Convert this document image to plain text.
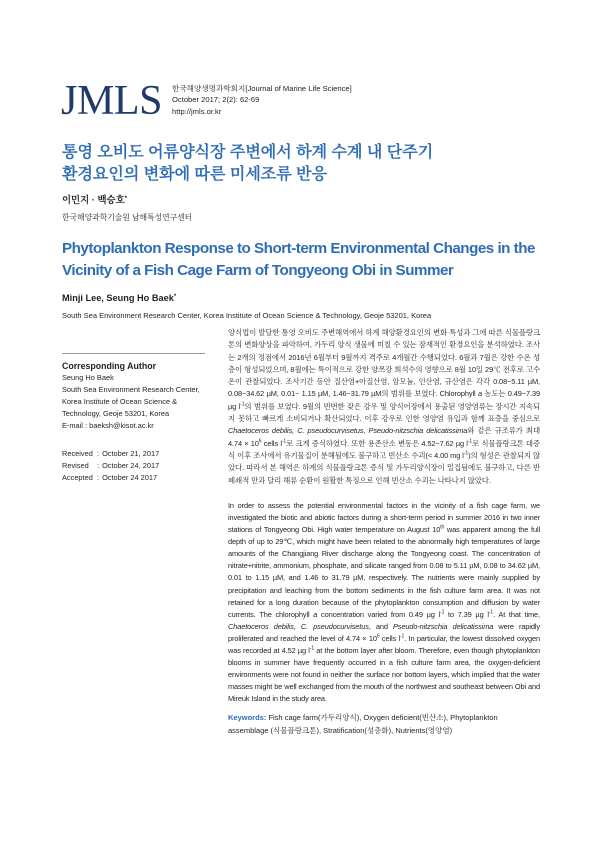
JMLS 한국해양생명과학회지[Journal of Marine Life Science]
October 2017; 2(2): 62-69
http://jmls.or.kr
통영 오비도 어류양식장 주변에서 하계 수계 내 단주기
환경요인의 변화에 따른 미세조류 반응
이민지 · 백승호*
한국해양과학기술원 남해특성연구센터
Phytoplankton Response to Short-term Environmental Changes in the
Vicinity of a Fish Cage Farm of Tongyeong Obi in Summer
Minji Lee, Seung Ho Baek*
South Sea Environment Research Center, Korea Institute of Ocean Science & Technology, Geoje 53201, Korea
Corresponding Author
Seung Ho Baek
South Sea Environment Research Center,
Korea Institute of Ocean Science &
Technology, Geoje 53201, Korea
E-mail : baeksh@kisot.ac.kr
Received : October 21, 2017
Revised : October 24, 2017
Accepted : October 24 2017
양식업이 발달한 통영 오비도 주변해역에서 하계 해양환경요인의 변화 특성과 그에 따른 식물플랑크톤의 변화양상을 파악하여, 가두리 양식 생물에 미칠 수 있는 잠재적인 환경요인을 분석하였다. 조사는 2개의 정점에서 2016년 6월부터 9월까지 격주로 4개월간 수행되었다. 6월과 7월은 강한 수온 성층이 형성되었으며, 8월에는 특이적으로 강한 양쯔강 희석수의 영향으로 8월 10일 29℃ 전후로 고수온이 관찰되었다. 조사기간 동안 질산염+아질산염, 암모늄, 인산염, 규산염은 각각 0.08~5.11 µM, 0.08~34.62 µM, 0.01~ 1.15 µM, 1.46~31.79 µM의 범위를 보였다. Chlorophyll a 농도는 0.49~7.39 µg $l^{-1}$의 범위를 보였다. 9월의 빈번한 잦은 강우 및 양식어장에서 용출된 영양염류는 장시간 지속되지 못하고 빠르게 소비되거나 확산되었다. 이후 강우로 인한 영양염 유입과 함께 표층을 중심으로 Chaetoceros debilis, C. pseudocurvisetus, Pseudo-nitzschia delicatissima와 같은 규조류가 최대 $4.74 \times 10^6$ cells $l^{-1}$로 크게 증식하였다. 또한 용존산소 변동은 4.52~7.62 µg $l^{-1}$로 식물플랑크톤 대증식 이후 조사에서 유기물질이 분해됨에도 불구하고 빈산소 수괴(< 4.00 mg $l^{-1}$)의 형성은 관찰되지 않았다. 따라서 본 해역은 하계의 식물플랑크톤 증식 및 가두리양식장이 밀집됨에도 불구하고, 다른 반폐쇄적 만과 달리 해류 순환이 원활한 특징으로 인해 빈산소 수괴는 나타나지 않았다.
In order to assess the potential environmental factors in the vicinity of a fish cage farm, we investigated the biotic and abiotic factors during a short-term period in summer 2016 in two inner stations of Tongyeong Obi. High water temperature on August 10th was apparent among the full depth of up to 29℃, which might have been related to the abnormally high temperatures of large amounts of the Changjiang River discharge along the Tongyeong coast. The concentration of nitrate+nitrite, ammonium, phosphate, and silicate ranged from 0.08 to 5.11 µM, 0.08 to 34.62 µM, 0.01 to 1.15 µM, and 1.46 to 31.79 µM, respectively. The nutrients were mainly supplied by precipitation and leaching from the bottom sediments in the fish culture farm area. It was not retained for a long duration because of the phytoplankton consumption and diffusion by water currents. The chlorophyll a concentration varied from 0.49 µg $l^{-1}$ to 7.39 µg $l^{-1}$. At that time, Chaetoceros debilis, C. pseudocurvisetus, and Pseudo-nitzschia delicatissima were rapidly proliferated and reached the level of $4.74 \times 10^6$ cells $l^{-1}$. In particular, the lowest dissolved oxygen was recorded at 4.52 µg $l^{-1}$ at the bottom layer after bloom. Therefore, even though phytoplankton blooms in summer have frequently occurred in a fish culture farm area, the oxygen-deficient environments were not found in neither the surface nor bottom layers, which implied that the water masses might be well exchanged from the mouth of the northwest and southeast between Obi and Mireuk Island in the study area.
Keywords: Fish cage farm(가두리양식), Oxygen deficient(빈산소), Phytoplankton assemblage (식물플랑크톤), Stratification(성층화), Nutrients(영양염)
